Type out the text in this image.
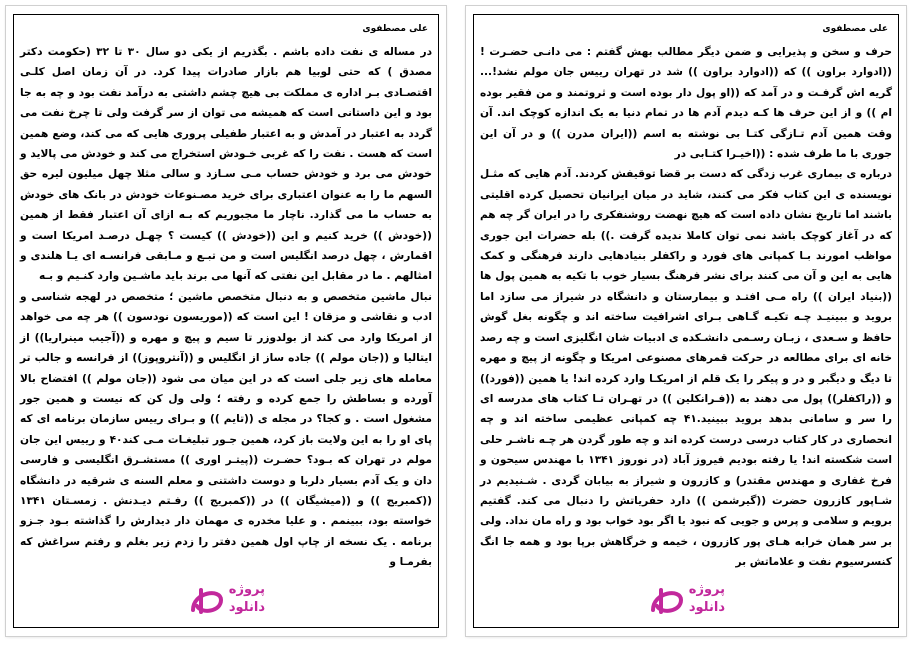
علی مصطفوی

در مساله ی نفت داده باشم . بگذریم از یکی دو سال ۳۰ تا ۳۲ (حکومت دکتر مصدق ) که حتی لوبیا هم بازار صادرات پیدا کرد. در آن زمان اصل کلـی اقتصـادی بـر اداره ی مملکت بی هیچ چشم داشتی به درآمد نفت بود و چه به جا بود و این داستانی است که همیشه می توان از سر گرفت ولی تا چرخ نفت می گردد به اعتبار در آمدش و به اعتبار طفیلی پروری هایی که می کند، وضع همین است که هست . نفت را که غربی خـودش استخراج می کند و خودش می پالاید و خودش می برد و خودش حساب مـی سـازد و سالی مثلا چهل میلیون لیره حق السهم ما را به عنوان اعتباری برای خرید مصـنوعات خودش در بانک های خودش به حساب ما می گذارد. ناچار ما مجبوریم که بـه ازای آن اعتبار فقط از همین ((خودش )) خرید کنیم و این ((خودش )) کیست ؟ چهـل درصـد امریکا است و اقمارش ، چهل درصد انگلیس است و من تبـع و مـابقی فرانسـه ای یـا هلندی و امثالهم . ما در مقابل این نفتی که آنها می برند باید ماشـین وارد کنـیم و بـه

نبال ماشین متخصص و به دنبال متخصص ماشین ؛ متخصص در لهجه شناسی و ادب و نقاشی و مزقان ! این است که ((موریسون نودسون )) هر چه می خواهد از امریکا وارد می کند از بولدوزر تا سیم و پیچ و مهره و ((آجیب مینراریا)) از ایتالیا و ((جان مولم )) جاده ساز از انگلیس و ((آنتروپوز)) از فرانسه و جالب تر معامله های زیر جلی است که در این میان می شود ((جان مولم )) افتضاح بالا آورده و بساطش را جمع کرده و رفته ؛ ولی ول کن که نیست و همین جور مشغول است . و کجا؟ در مجله ی ((تایم )) و بـرای رییس سازمان برنامه ای که پای او را به این ولایت باز کرد، همین جـور تبلیغـات مـی کند۴۰ و رییس این جان مولم در تهران که بـود؟ حضـرت ((پیتـر اوری )) مستشـرق انگلیسی و فارسی دان و یک آدم بسیار دلربا و دوست داشتنی و معلم السنه ی شرقیه در دانشگاه ((کمبریج )) و ((میشیگان )) در ((کمبریج )) رفـتم دیـدنش . زمسـتان ۱۳۴۱ خواسته بود، ببینمم . و علیا مخدره ی مهمان دار دیدارش را گذاشته بـود جـزو برنامه . یک نسخه از چاپ اول همین دفتر را زدم زیر بغلم و رفتم سراغش که بفرمـا و

پروژه
دانلود
علی مصطفوی

حرف و سخن و پذیرایی و ضمن دیگر مطالب بهش گفتم : می دانـی حضـرت ! ((ادوارد براون )) که ((ادوارد براون )) شد در تهران رییس جان مولم نشد!... گریه اش گرفـت و در آمد که ((او پول دار بوده است و ثروتمند و من فقیر بوده ام )) و از این حرف ها کـه دیدم آدم ها در تمام دنیا به یک اندازه کوچک اند. آن وقت همین آدم تـازگی کتـا بی نوشته به اسم ((ایران مدرن )) و در آن این جوری با ما طرف شده : ((اخیـرا کتـابی در

درباره ی بیماری غرب زدگی که دست بر قضا توقیفش کردند. آدم هایی که مثـل نویسنده ی این کتاب فکر می کنند، شاید در میان ایرانیان تحصیل کرده اقلیتی باشند اما تاریخ نشان داده است که هیچ نهضت روشنفکری را در ایران گر چه هم که در آغاز کوچک باشد نمی توان کاملا ندیده گرفت .)) بله حضرات این جوری مواظب امورند بـا کمپانی های فورد و راکفلر بنیادهایی دارند فرهنگی و کمک هایی به این و آن می کنند برای نشر فرهنگ بسیار خوب با تکیه به همین پول ها ((بنیاد ایران )) راه مـی افتـد و بیمارستان و دانشگاه در شیراز می سازد اما بروید و ببینیـد چـه تکیـه گـاهی بـرای اشرافیت ساخته اند و چگونه بغل گوش حافظ و سـعدی ، زبـان رسـمی دانشـکده ی ادبیات شان انگلیزی است و چه رصد خانه ای برای مطالعه در حرکت قمرهای مصنوعی امریکا و چگونه از پیچ و مهره تا دیگ و دیگبر و در و پیکر را یک قلم از امریکـا وارد کرده اند! یا همین ((فورد)) و ((راکفلر)) پول می دهند به ((فـرانکلین )) در تهـران تـا کتاب های مدرسه ای را سر و سامانی بدهد بروید ببینید.۴۱ چه کمپانی عظیمی ساخته اند و چه انحصاری در کار کتاب درسی درست کرده اند و چه طور گردن هر چـه ناشـر حلی است شکسته اند! یا رفته بودیم فیروز آباد (در نوروز ۱۳۴۱ با مهندس سیحون و فرخ غفاری و مهندس مقتدر) و کازرون و شیراز به بیابان گردی . شـنیدیم در شـاپور کازرون حضرت ((گیرشمن )) دارد حفریاتش را دنبال می کند. گفتیم برویم و سلامی و پرس و جویی که نبود یا اگر بود خواب بود و راه مان نداد. ولی بر سر همان خرابه هـای پور کازرون ، خیمه و خرگاهش برپا بود و همه جا انگ کنسرسیوم نفت و علاماتش بر

پروژه
دانلود
